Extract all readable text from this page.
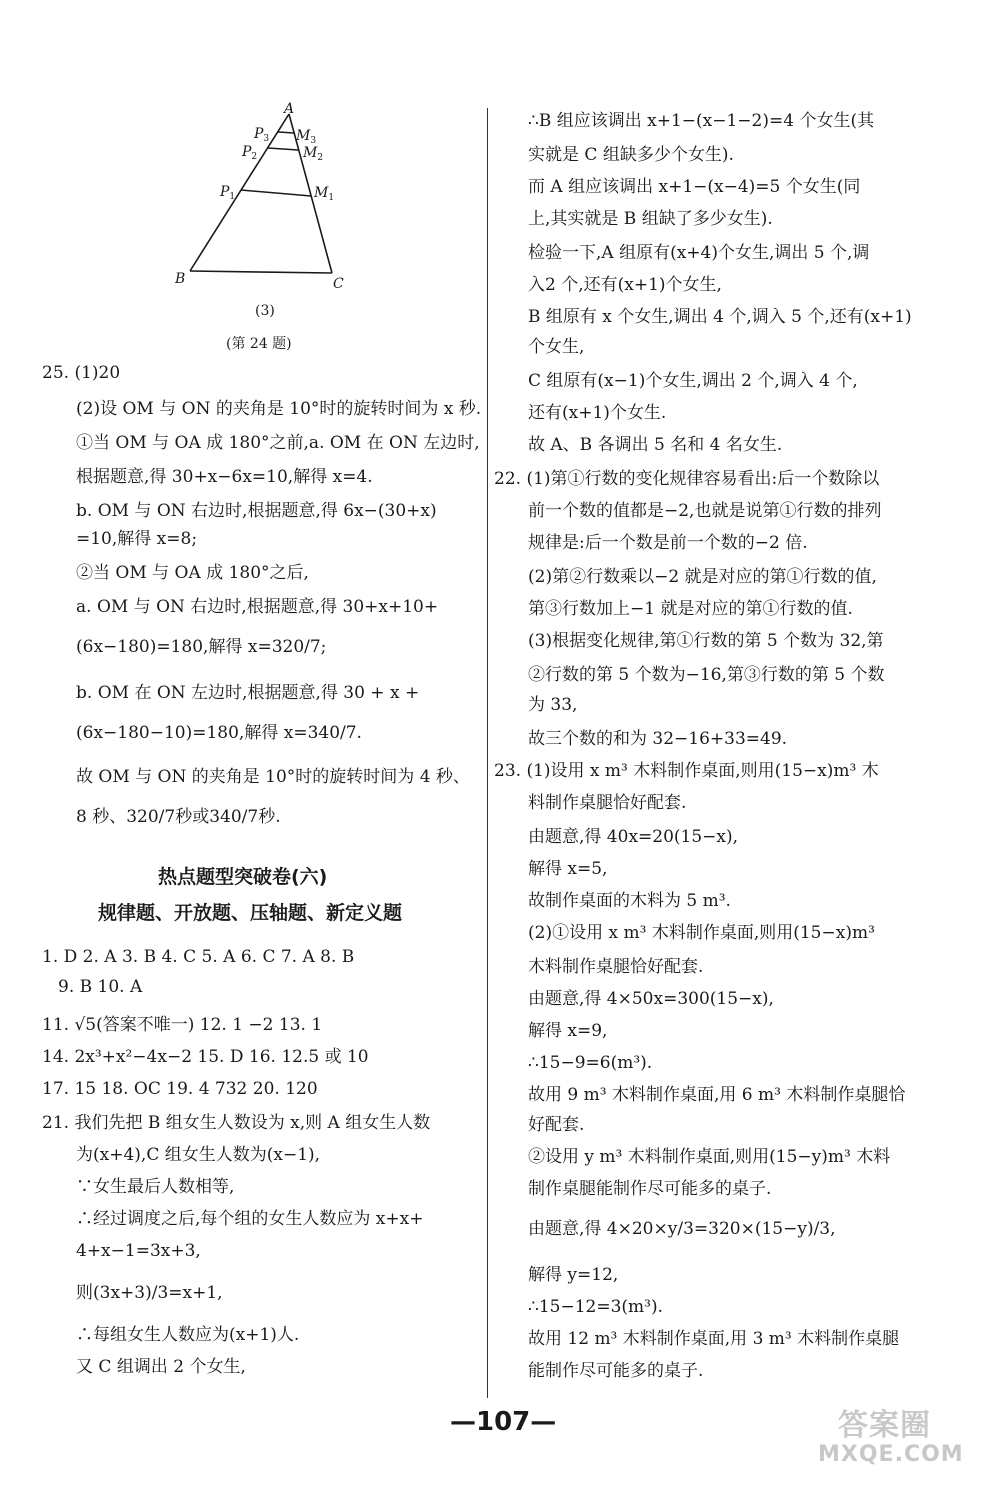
A
B	C
$P_1$
$P_2$
$P_3$
$M_1$
$M_2$
$M_3$
(3)
(第 24 题)
25. (1)20
(2)设 OM 与 ON 的夹角是 10°时的旋转时间为 x 秒.
①当 OM 与 OA 成 180°之前,a. OM 在 ON 左边时,
根据题意,得 30+x−6x=10,解得 x=4.
b. OM 与 ON 右边时,根据题意,得 6x−(30+x)
=10,解得 x=8;
②当 OM 与 OA 成 180°之后,
a. OM 与 ON 右边时,根据题意,得 30+x+10+
(6x−180)=180,解得 x=320/7;
b. OM 在 ON 左边时,根据题意,得 30 + x +
(6x−180−10)=180,解得 x=340/7.
故 OM 与 ON 的夹角是 10°时的旋转时间为 4 秒、
8 秒、320/7秒或340/7秒.
热点题型突破卷(六)
规律题、开放题、压轴题、新定义题
1. D 2. A 3. B 4. C 5. A 6. C 7. A 8. B
9. B 10. A
11. √5(答案不唯一) 12. 1 −2 13. 1
14. 2x³+x²−4x−2 15. D 16. 12.5 或 10
17. 15 18. OC 19. 4 732 20. 120
21. 我们先把 B 组女生人数设为 x,则 A 组女生人数
为(x+4),C 组女生人数为(x−1),
∵女生最后人数相等,
∴经过调度之后,每个组的女生人数应为 x+x+
4+x−1=3x+3,
则(3x+3)/3=x+1,
∴每组女生人数应为(x+1)人.
又 C 组调出 2 个女生,
∴B 组应该调出 x+1−(x−1−2)=4 个女生(其
实就是 C 组缺多少个女生).
而 A 组应该调出 x+1−(x−4)=5 个女生(同
上,其实就是 B 组缺了多少女生).
检验一下,A 组原有(x+4)个女生,调出 5 个,调
入2 个,还有(x+1)个女生,
B 组原有 x 个女生,调出 4 个,调入 5 个,还有(x+1)
个女生,
C 组原有(x−1)个女生,调出 2 个,调入 4 个,
还有(x+1)个女生.
故 A、B 各调出 5 名和 4 名女生.
22. (1)第①行数的变化规律容易看出:后一个数除以
前一个数的值都是−2,也就是说第①行数的排列
规律是:后一个数是前一个数的−2 倍.
(2)第②行数乘以−2 就是对应的第①行数的值,
第③行数加上−1 就是对应的第①行数的值.
(3)根据变化规律,第①行数的第 5 个数为 32,第
②行数的第 5 个数为−16,第③行数的第 5 个数
为 33,
故三个数的和为 32−16+33=49.
23. (1)设用 x m³ 木料制作桌面,则用(15−x)m³ 木
料制作桌腿恰好配套.
由题意,得 40x=20(15−x),
解得 x=5,
故制作桌面的木料为 5 m³.
(2)①设用 x m³ 木料制作桌面,则用(15−x)m³
木料制作桌腿恰好配套.
由题意,得 4×50x=300(15−x),
解得 x=9,
∴15−9=6(m³).
故用 9 m³ 木料制作桌面,用 6 m³ 木料制作桌腿恰
好配套.
②设用 y m³ 木料制作桌面,则用(15−y)m³ 木料
制作桌腿能制作尽可能多的桌子.
由题意,得 4×20×y/3=320×(15−y)/3,
解得 y=12,
∴15−12=3(m³).
故用 12 m³ 木料制作桌面,用 3 m³ 木料制作桌腿
能制作尽可能多的桌子.
—107—	答案圈
MXQE.COM
